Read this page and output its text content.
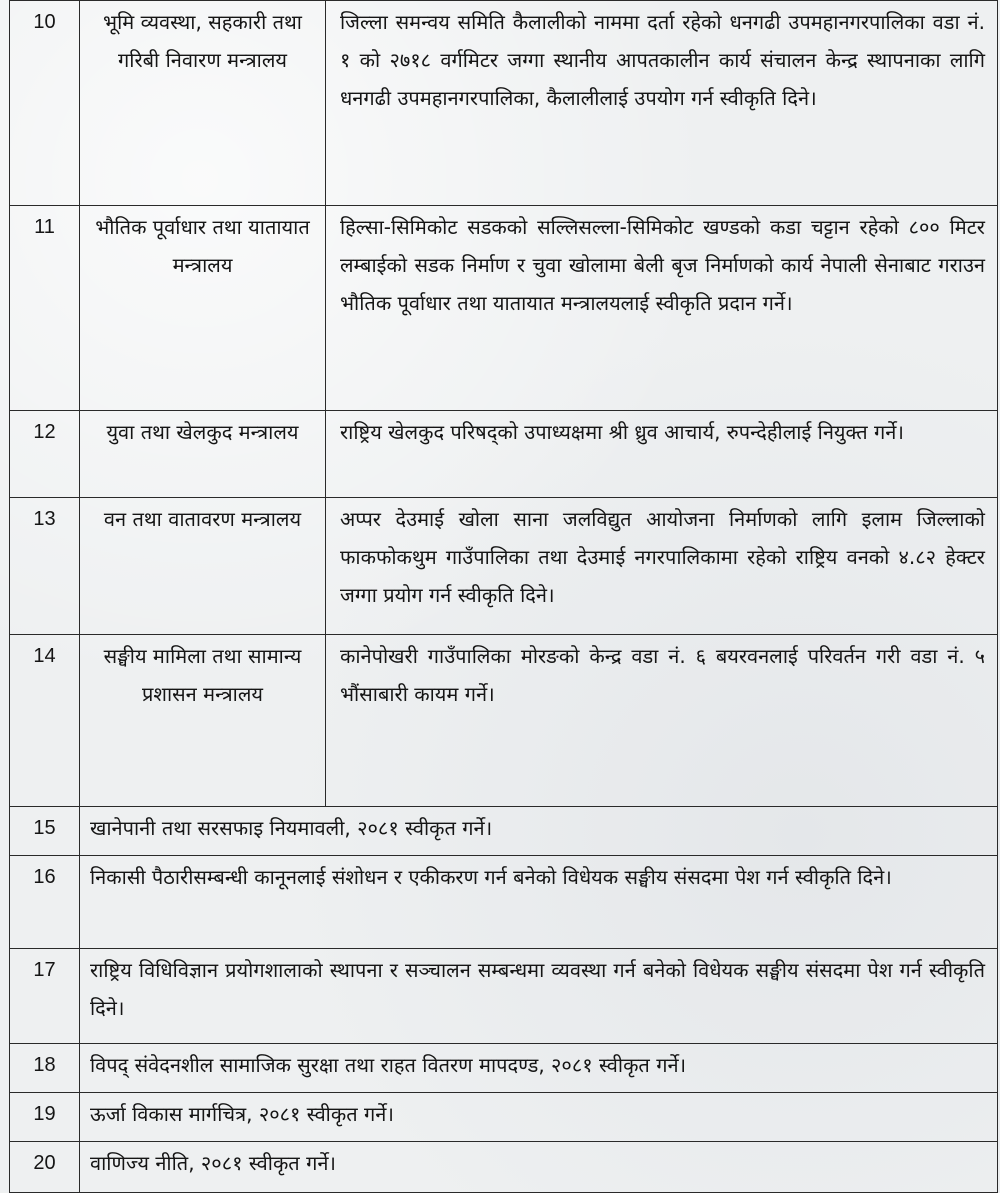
10	भूमि व्यवस्था, सहकारी तथा गरिबी निवारण मन्त्रालय	जिल्ला समन्वय समिति कैलालीको नाममा दर्ता रहेको धनगढी उपमहानगरपालिका वडा नं. १ को २७१८ वर्गमिटर जग्गा स्थानीय आपतकालीन कार्य संचालन केन्द्र स्थापनाका लागि धनगढी उपमहानगरपालिका, कैलालीलाई उपयोग गर्न स्वीकृति दिने।
11	भौतिक पूर्वाधार तथा यातायात मन्त्रालय	हिल्सा-सिमिकोट सडकको सल्लिसल्ला-सिमिकोट खण्डको कडा चट्टान रहेको ८०० मिटर लम्बाईको सडक निर्माण र चुवा खोलामा बेली बृज निर्माणको कार्य नेपाली सेनाबाट गराउन भौतिक पूर्वाधार तथा यातायात मन्त्रालयलाई स्वीकृति प्रदान गर्ने।
12	युवा तथा खेलकुद मन्त्रालय	राष्ट्रिय खेलकुद परिषद्को उपाध्यक्षमा श्री ध्रुव आचार्य, रुपन्देहीलाई नियुक्त गर्ने।
13	वन तथा वातावरण मन्त्रालय	अप्पर देउमाई खोला साना जलविद्युत आयोजना निर्माणको लागि इलाम जिल्लाको फाकफोकथुम गाउँपालिका तथा देउमाई नगरपालिकामा रहेको राष्ट्रिय वनको ४.८२ हेक्टर जग्गा प्रयोग गर्न स्वीकृति दिने।
14	सङ्घीय मामिला तथा सामान्य प्रशासन मन्त्रालय	कानेपोखरी गाउँपालिका मोरङको केन्द्र वडा नं. ६ बयरवनलाई परिवर्तन गरी वडा नं. ५ भौंसाबारी कायम गर्ने।
15	खानेपानी तथा सरसफाइ नियमावली, २०८१ स्वीकृत गर्ने।	
16	निकासी पैठारीसम्बन्धी कानूनलाई संशोधन र एकीकरण गर्न बनेको विधेयक सङ्घीय संसदमा पेश गर्न स्वीकृति दिने।	
17	राष्ट्रिय विधिविज्ञान प्रयोगशालाको स्थापना र सञ्चालन सम्बन्धमा व्यवस्था गर्न बनेको विधेयक सङ्घीय संसदमा पेश गर्न स्वीकृति दिने।	
18	विपद् संवेदनशील सामाजिक सुरक्षा तथा राहत वितरण मापदण्ड, २०८१ स्वीकृत गर्ने।	
19	ऊर्जा विकास मार्गचित्र, २०८१ स्वीकृत गर्ने।	
20	वाणिज्य नीति, २०८१ स्वीकृत गर्ने।	
